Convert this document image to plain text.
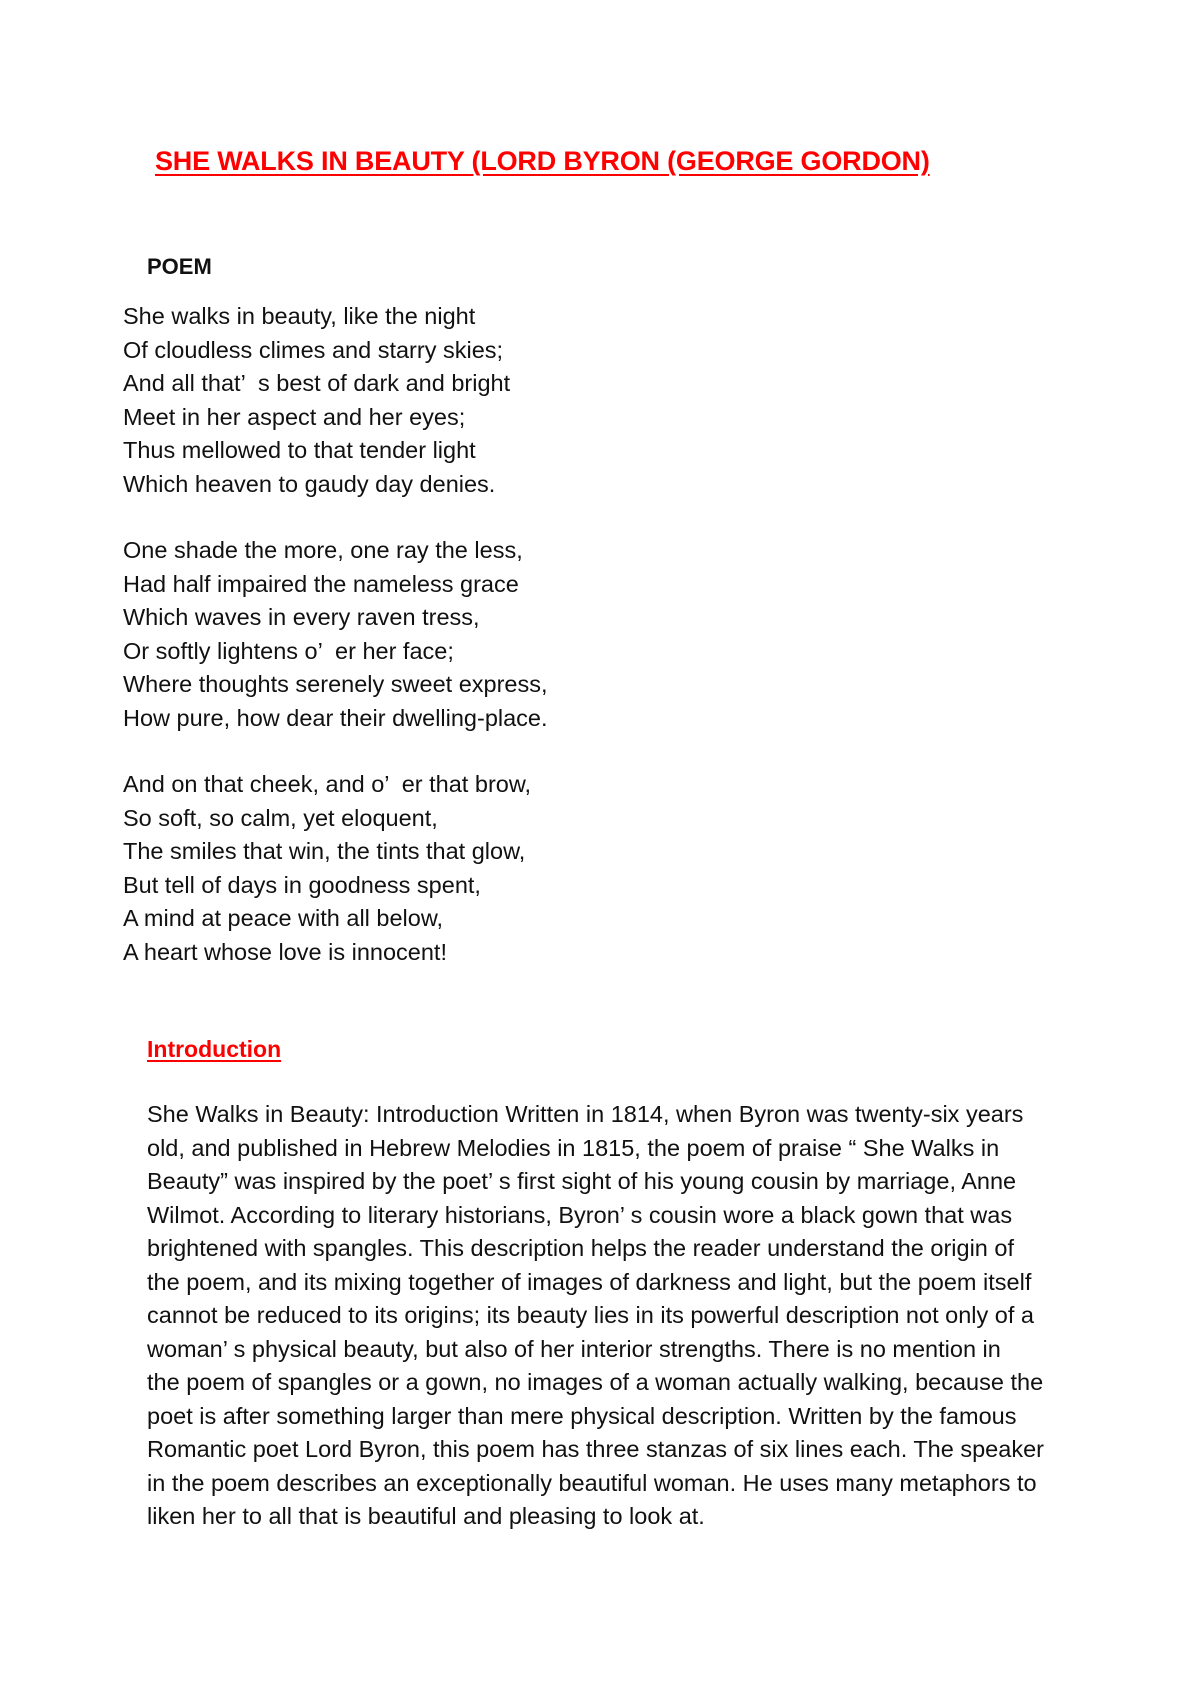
SHE WALKS IN BEAUTY (LORD BYRON (GEORGE GORDON)
POEM
She walks in beauty, like the night
Of cloudless climes and starry skies;
And all that’  s best of dark and bright
Meet in her aspect and her eyes;
Thus mellowed to that tender light
Which heaven to gaudy day denies.
One shade the more, one ray the less,
Had half impaired the nameless grace
Which waves in every raven tress,
Or softly lightens o’  er her face;
Where thoughts serenely sweet express,
How pure, how dear their dwelling-place.
And on that cheek, and o’  er that brow,
So soft, so calm, yet eloquent,
The smiles that win, the tints that glow,
But tell of days in goodness spent,
A mind at peace with all below,
A heart whose love is innocent!
Introduction

She Walks in Beauty: Introduction Written in 1814, when Byron was twenty-six years
old, and published in Hebrew Melodies in 1815, the poem of praise “ She Walks in
Beauty” was inspired by the poet’ s first sight of his young cousin by marriage, Anne
Wilmot. According to literary historians, Byron’ s cousin wore a black gown that was
brightened with spangles. This description helps the reader understand the origin of
the poem, and its mixing together of images of darkness and light, but the poem itself
cannot be reduced to its origins; its beauty lies in its powerful description not only of a
woman’ s physical beauty, but also of her interior strengths. There is no mention in
the poem of spangles or a gown, no images of a woman actually walking, because the
poet is after something larger than mere physical description. Written by the famous
Romantic poet Lord Byron, this poem has three stanzas of six lines each. The speaker
in the poem describes an exceptionally beautiful woman. He uses many metaphors to
liken her to all that is beautiful and pleasing to look at.
